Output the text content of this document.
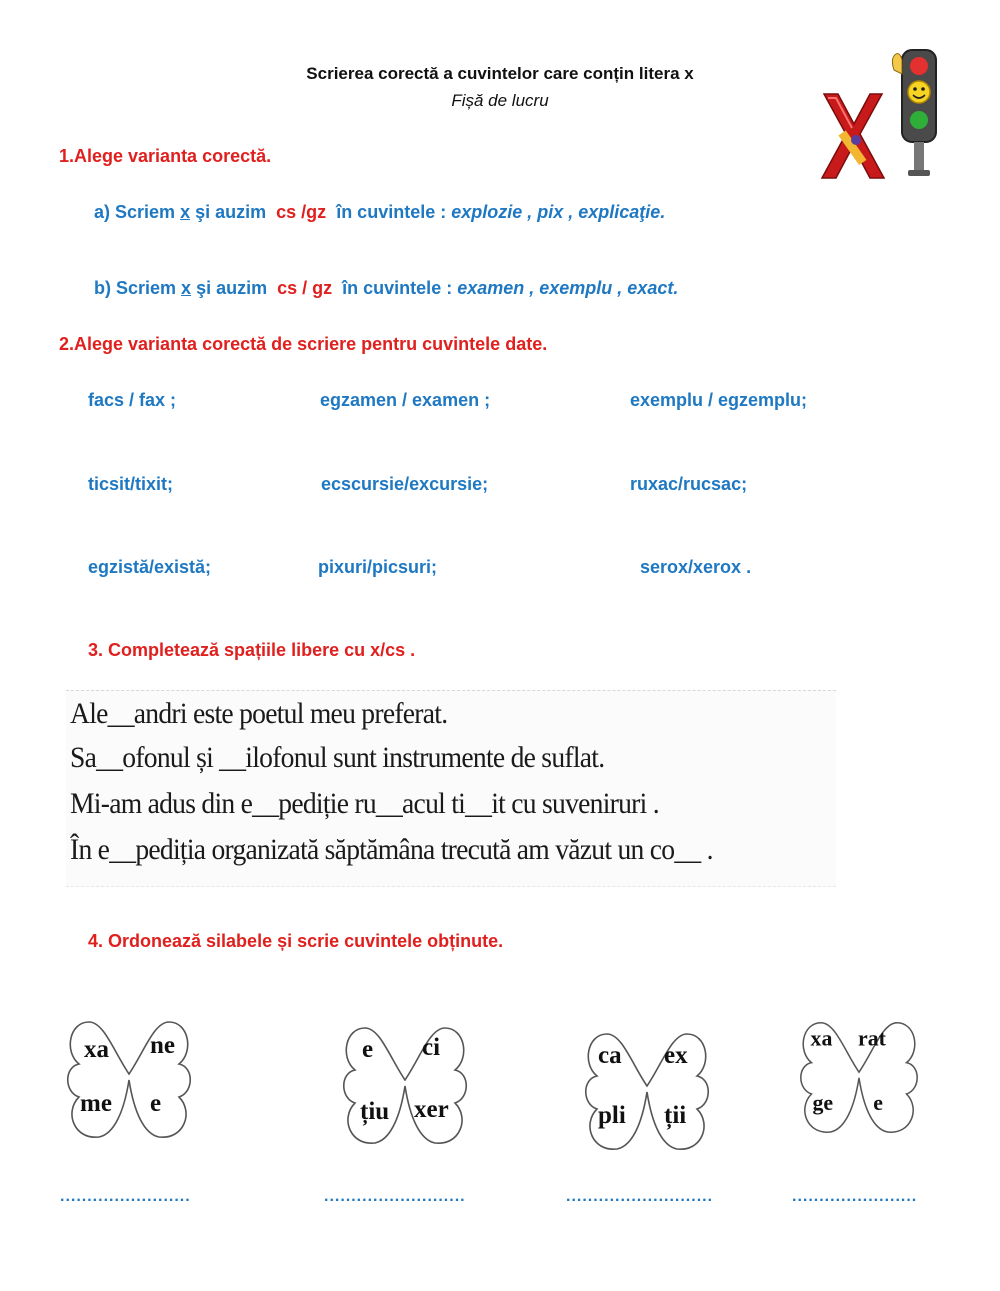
Scrierea corectă a cuvintelor care conțin litera x
Fișă de lucru
1.Alege varianta corectă.
a) Scriem x şi auzim cs /gz în cuvintele : explozie , pix , explicaţie.
b) Scriem x şi auzim cs / gz în cuvintele : examen , exemplu , exact.
2.Alege varianta corectă de scriere pentru cuvintele date.
facs / fax ;	egzamen / examen ;	exemplu / egzemplu;
ticsit/tixit;	ecscursie/excursie;	ruxac/rucsac;
egzistă/există;	pixuri/picsuri;	serox/xerox .
3. Completează spațiile libere cu x/cs .
Ale__andri este poetul meu preferat.
Sa__ofonul și __ilofonul sunt instrumente de suflat.
Mi-am adus din e__pediție ru__acul ti__it cu suveniruri .
În e__pediția organizată săptămâna trecută am văzut un co__ .
4. Ordonează silabele și scrie cuvintele obținute.
xa ne
me e
e ci
țiu xer
ca ex
pli ții
xa rat
ge e
........................	..........................	...........................	.......................
